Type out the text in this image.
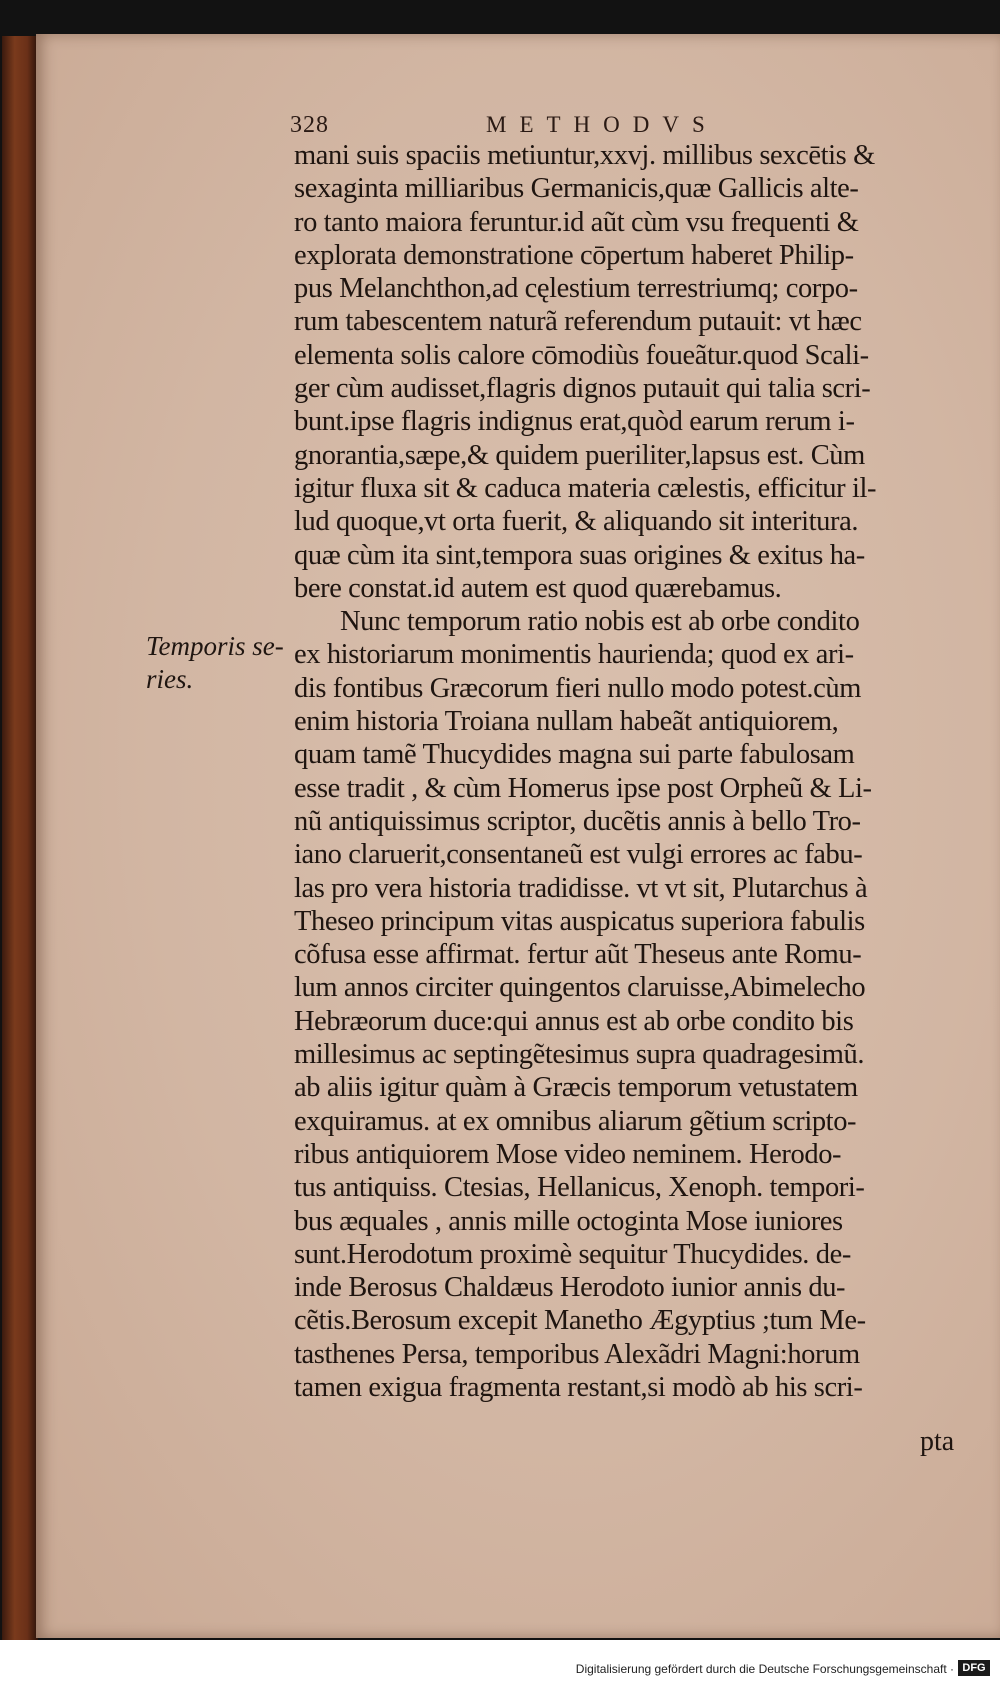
328	METHODVS
Temporis se-
ries.
mani suis spaciis metiuntur,xxvj. millibus sexcētis &
sexaginta milliaribus Germanicis,quæ Gallicis alte-
ro tanto maiora feruntur.id aũt cùm vsu frequenti &
explorata demonstratione cōpertum haberet Philip-
pus Melanchthon,ad cęlestium terrestriumq; corpo-
rum tabescentem naturã referendum putauit: vt hæc
elementa solis calore cōmodiùs foueãtur.quod Scali-
ger cùm audisset,flagris dignos putauit qui talia scri-
bunt.ipse flagris indignus erat,quòd earum rerum i-
gnorantia,sæpe,& quidem pueriliter,lapsus est. Cùm
igitur fluxa sit & caduca materia cælestis, efficitur il-
lud quoque,vt orta fuerit, & aliquando sit interitura.
quæ cùm ita sint,tempora suas origines & exitus ha-
bere constat.id autem est quod quærebamus.
Nunc temporum ratio nobis est ab orbe condito
ex historiarum monimentis haurienda; quod ex ari-
dis fontibus Græcorum fieri nullo modo potest.cùm
enim historia Troiana nullam habeãt antiquiorem,
quam tamẽ Thucydides magna sui parte fabulosam
esse tradit , & cùm Homerus ipse post Orpheũ & Li-
nũ antiquissimus scriptor, ducẽtis annis à bello Tro-
iano claruerit,consentaneũ est vulgi errores ac fabu-
las pro vera historia tradidisse. vt vt sit, Plutarchus à
Theseo principum vitas auspicatus superiora fabulis
cõfusa esse affirmat. fertur aũt Theseus ante Romu-
lum annos circiter quingentos claruisse,Abimelecho
Hebræorum duce:qui annus est ab orbe condito bis
millesimus ac septingẽtesimus supra quadragesimũ.
ab aliis igitur quàm à Græcis temporum vetustatem
exquiramus. at ex omnibus aliarum gẽtium scripto-
ribus antiquiorem Mose video neminem. Herodo-
tus antiquiss. Ctesias, Hellanicus, Xenoph. tempori-
bus æquales , annis mille octoginta Mose iuniores
sunt.Herodotum proximè sequitur Thucydides. de-
inde Berosus Chaldæus Herodoto iunior annis du-
cẽtis.Berosum excepit Manetho Ægyptius ;tum Me-
tasthenes Persa, temporibus Alexãdri Magni:horum
tamen exigua fragmenta restant,si modò ab his scri-
pta
Digitalisierung gefördert durch die Deutsche Forschungsgemeinschaft · DFG
